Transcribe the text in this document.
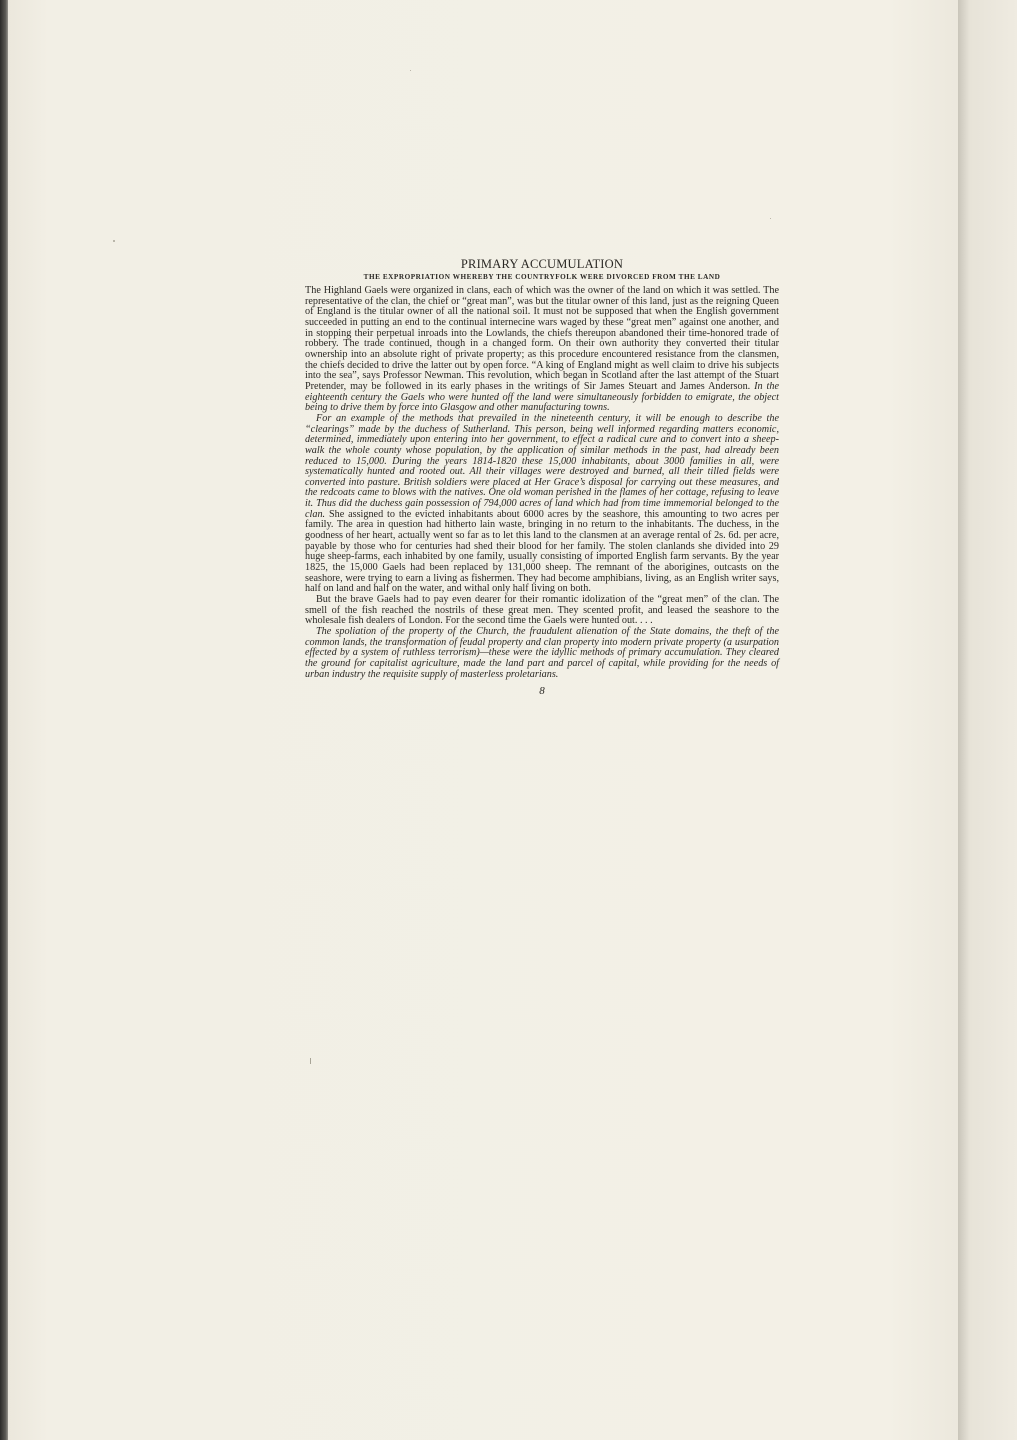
PRIMARY ACCUMULATION
THE EXPROPRIATION WHEREBY THE COUNTRYFOLK WERE DIVORCED FROM THE LAND

The Highland Gaels were organized in clans, each of which was the owner of the land on which it was settled. The representative of the clan, the chief or “great man”, was but the titular owner of this land, just as the reigning Queen of England is the titular owner of all the national soil. It must not be supposed that when the English government succeeded in putting an end to the continual internecine wars waged by these “great men” against one another, and in stopping their perpetual inroads into the Lowlands, the chiefs thereupon abandoned their time-honored trade of robbery. The trade continued, though in a changed form. On their own authority they converted their titular ownership into an absolute right of private property; as this procedure encountered resistance from the clansmen, the chiefs decided to drive the latter out by open force. “A king of England might as well claim to drive his subjects into the sea”, says Professor Newman. This revolution, which began in Scotland after the last attempt of the Stuart Pretender, may be followed in its early phases in the writings of Sir James Steuart and James Anderson. In the eighteenth century the Gaels who were hunted off the land were simultaneously forbidden to emigrate, the object being to drive them by force into Glasgow and other manufacturing towns.

For an example of the methods that prevailed in the nineteenth century, it will be enough to describe the “clearings” made by the duchess of Sutherland. This person, being well informed regarding matters economic, determined, immediately upon entering into her government, to effect a radical cure and to convert into a sheep-walk the whole county whose population, by the application of similar methods in the past, had already been reduced to 15,000. During the years 1814-1820 these 15,000 inhabitants, about 3000 families in all, were systematically hunted and rooted out. All their villages were destroyed and burned, all their tilled fields were converted into pasture. British soldiers were placed at Her Grace’s disposal for carrying out these measures, and the redcoats came to blows with the natives. One old woman perished in the flames of her cottage, refusing to leave it. Thus did the duchess gain possession of 794,000 acres of land which had from time immemorial belonged to the clan. She assigned to the evicted inhabitants about 6000 acres by the seashore, this amounting to two acres per family. The area in question had hitherto lain waste, bringing in no return to the inhabitants. The duchess, in the goodness of her heart, actually went so far as to let this land to the clansmen at an average rental of 2s. 6d. per acre, payable by those who for centuries had shed their blood for her family. The stolen clanlands she divided into 29 huge sheep-farms, each inhabited by one family, usually consisting of imported English farm servants. By the year 1825, the 15,000 Gaels had been replaced by 131,000 sheep. The remnant of the aborigines, outcasts on the seashore, were trying to earn a living as fishermen. They had become amphibians, living, as an English writer says, half on land and half on the water, and withal only half living on both.

But the brave Gaels had to pay even dearer for their romantic idolization of the “great men” of the clan. The smell of the fish reached the nostrils of these great men. They scented profit, and leased the seashore to the wholesale fish dealers of London. For the second time the Gaels were hunted out. . . .

The spoliation of the property of the Church, the fraudulent alienation of the State domains, the theft of the common lands, the transformation of feudal property and clan property into modern private property (a usurpation effected by a system of ruthless terrorism)—these were the idyllic methods of primary accumulation. They cleared the ground for capitalist agriculture, made the land part and parcel of capital, while providing for the needs of urban industry the requisite supply of masterless proletarians.

8
